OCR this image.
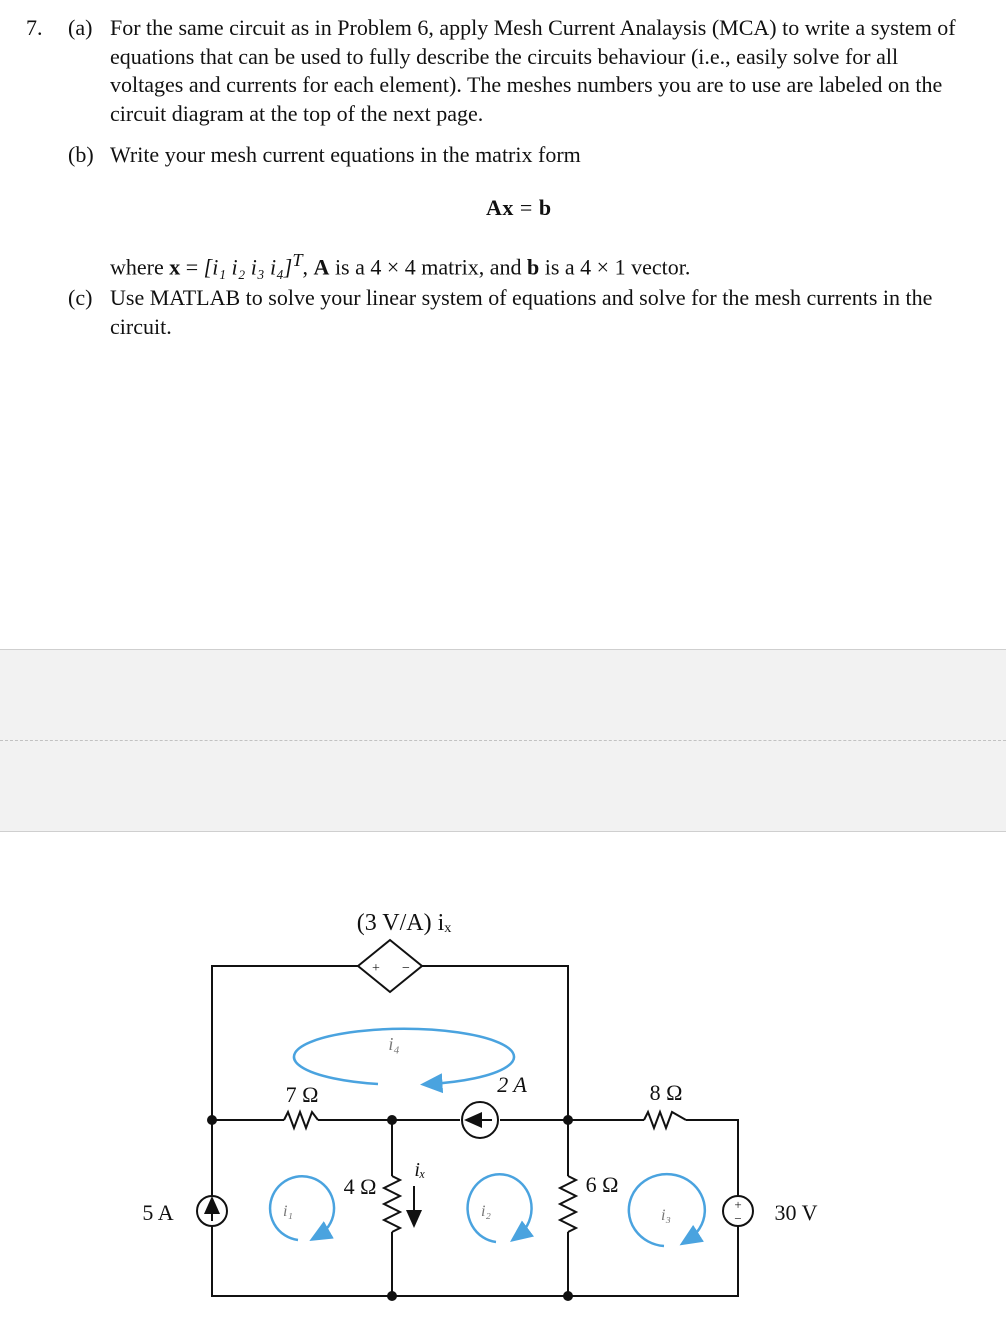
7. (a) For the same circuit as in Problem 6, apply Mesh Current Analaysis (MCA) to write a system of equations that can be used to fully describe the circuits behaviour (i.e., easily solve for all voltages and currents for each element). The meshes numbers you are to use are labeled on the circuit diagram at the top of the next page.
(b) Write your mesh current equations in the matrix form
Ax = b
where x = [i₁ i₂ i₃ i₄]$^T$, A is a 4 × 4 matrix, and b is a 4 × 1 vector.
(c) Use MATLAB to solve your linear system of equations and solve for the mesh currents in the circuit.
+ −
+
−
(3 V/A) iₓ
7 Ω	2 A	8 Ω
4 Ω	6 Ω
5 A	30 V
iₓ
i₄
i₁	i₂	i₃
